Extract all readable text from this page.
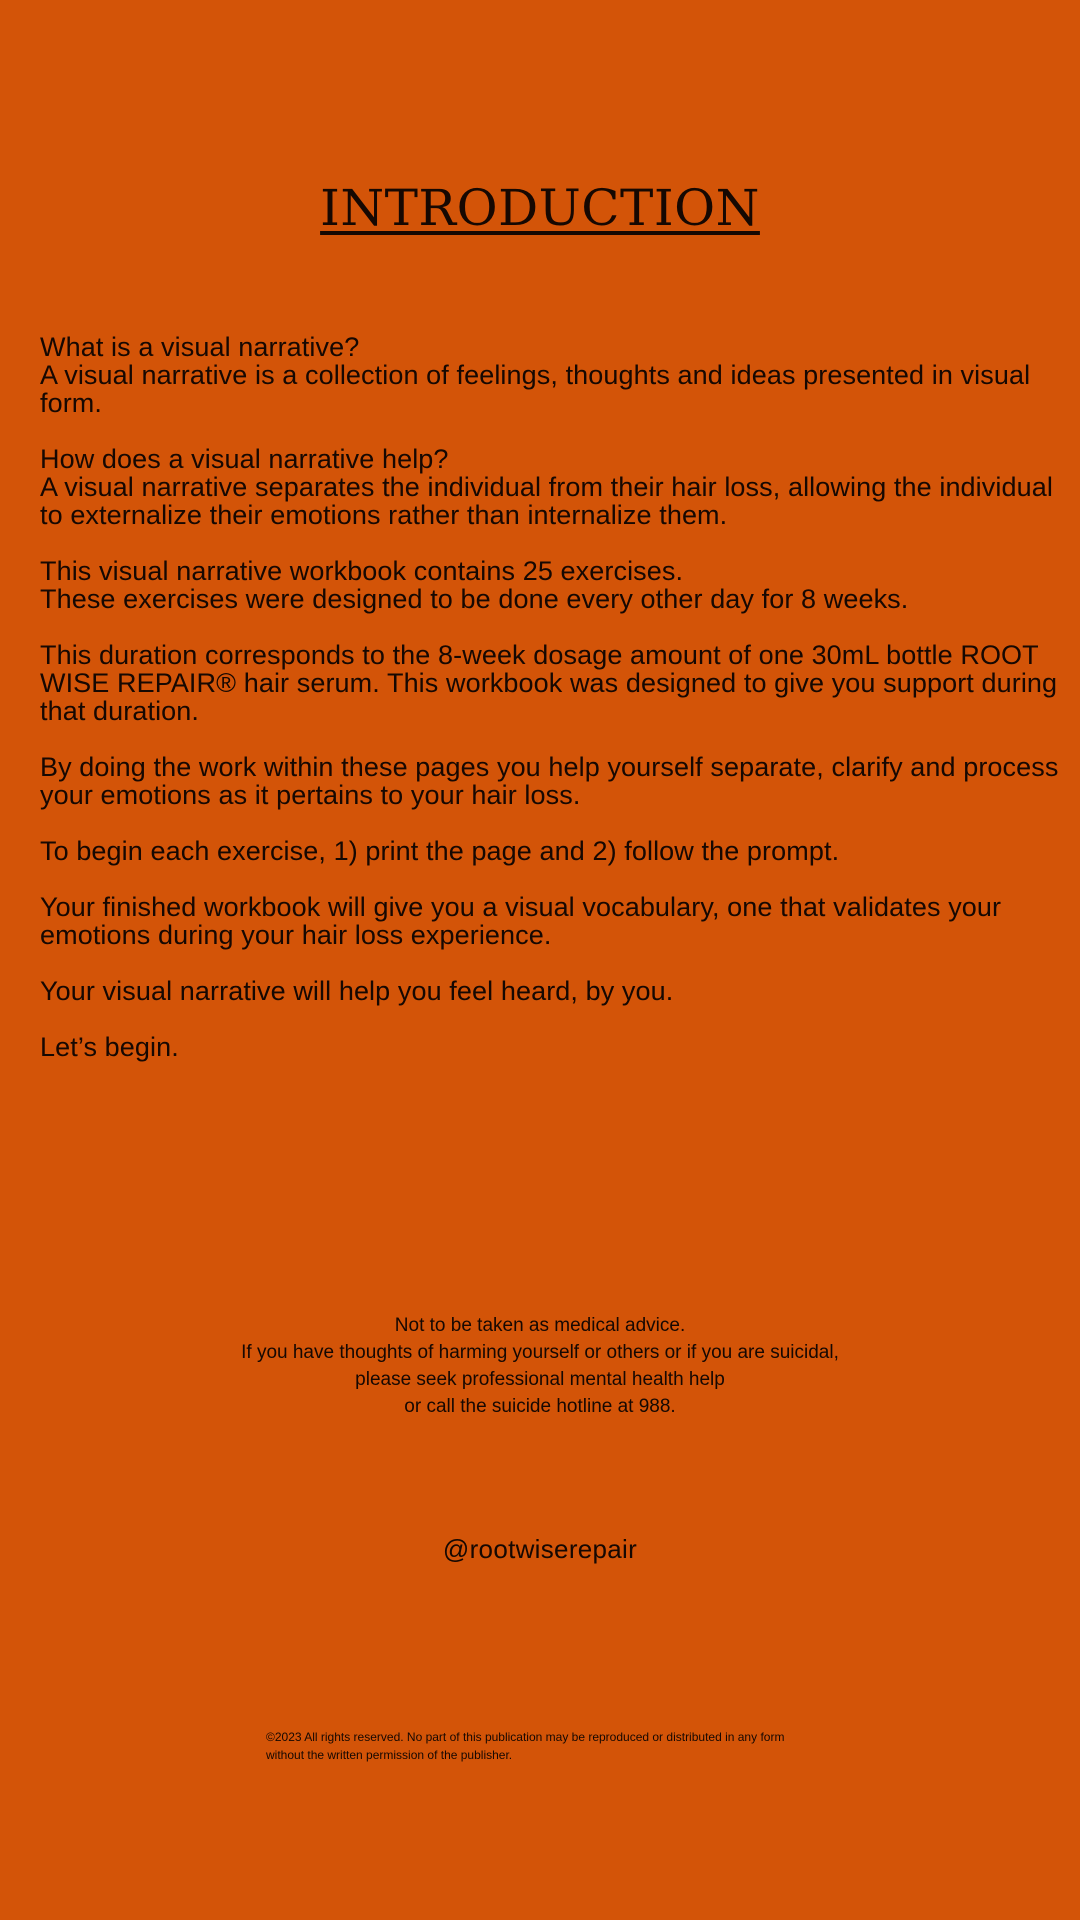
INTRODUCTION

What is a visual narrative?
A visual narrative is a collection of feelings, thoughts and ideas presented in visual
form.

How does a visual narrative help?
A visual narrative separates the individual from their hair loss, allowing the individual
to externalize their emotions rather than internalize them.

This visual narrative workbook contains 25 exercises.
These exercises were designed to be done every other day for 8 weeks.

This duration corresponds to the 8-week dosage amount of one 30mL bottle ROOT
WISE REPAIR® hair serum. This workbook was designed to give you support during
that duration.

By doing the work within these pages you help yourself separate, clarify and process
your emotions as it pertains to your hair loss.

To begin each exercise, 1) print the page and 2) follow the prompt.

Your finished workbook will give you a visual vocabulary, one that validates your
emotions during your hair loss experience.

Your visual narrative will help you feel heard, by you.

Let’s begin.

Not to be taken as medical advice.
If you have thoughts of harming yourself or others or if you are suicidal,
please seek professional mental health help
or call the suicide hotline at 988.
@rootwiserepair
©2023 All rights reserved. No part of this publication may be reproduced or distributed in any form
without the written permission of the publisher.
